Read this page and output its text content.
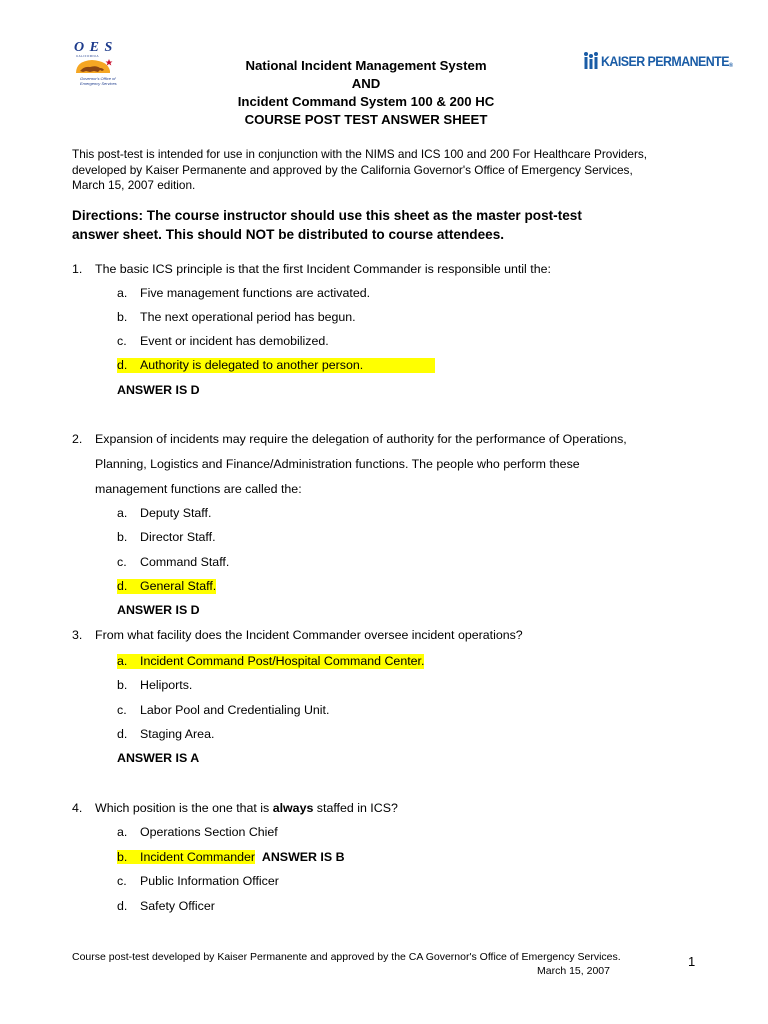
O E S
CALIFORNIA
Governor's Office of Emergency Services
KAISER PERMANENTE®
National Incident Management System
AND
Incident Command System 100 & 200 HC
COURSE POST TEST ANSWER SHEET
This post-test is intended for use in conjunction with the NIMS and ICS 100 and 200 For Healthcare Providers,
developed by Kaiser Permanente and approved by the California Governor's Office of Emergency Services,
March 15, 2007 edition.
Directions: The course instructor should use this sheet as the master post-test
answer sheet. This should NOT be distributed to course attendees.
1. The basic ICS principle is that the first Incident Commander is responsible until the:
a. Five management functions are activated.
b. The next operational period has begun.
c. Event or incident has demobilized.
d. Authority is delegated to another person.
ANSWER IS D
2. Expansion of incidents may require the delegation of authority for the performance of Operations,
Planning, Logistics and Finance/Administration functions. The people who perform these
management functions are called the:
a. Deputy Staff.
b. Director Staff.
c. Command Staff.
d. General Staff.
ANSWER IS D
3. From what facility does the Incident Commander oversee incident operations?
a. Incident Command Post/Hospital Command Center.
b. Heliports.
c. Labor Pool and Credentialing Unit.
d. Staging Area.
ANSWER IS A
4. Which position is the one that is always staffed in ICS?
a. Operations Section Chief
b. Incident Commander ANSWER IS B
c. Public Information Officer
d. Safety Officer
Course post-test developed by Kaiser Permanente and approved by the CA Governor's Office of Emergency Services.
March 15, 2007
1
